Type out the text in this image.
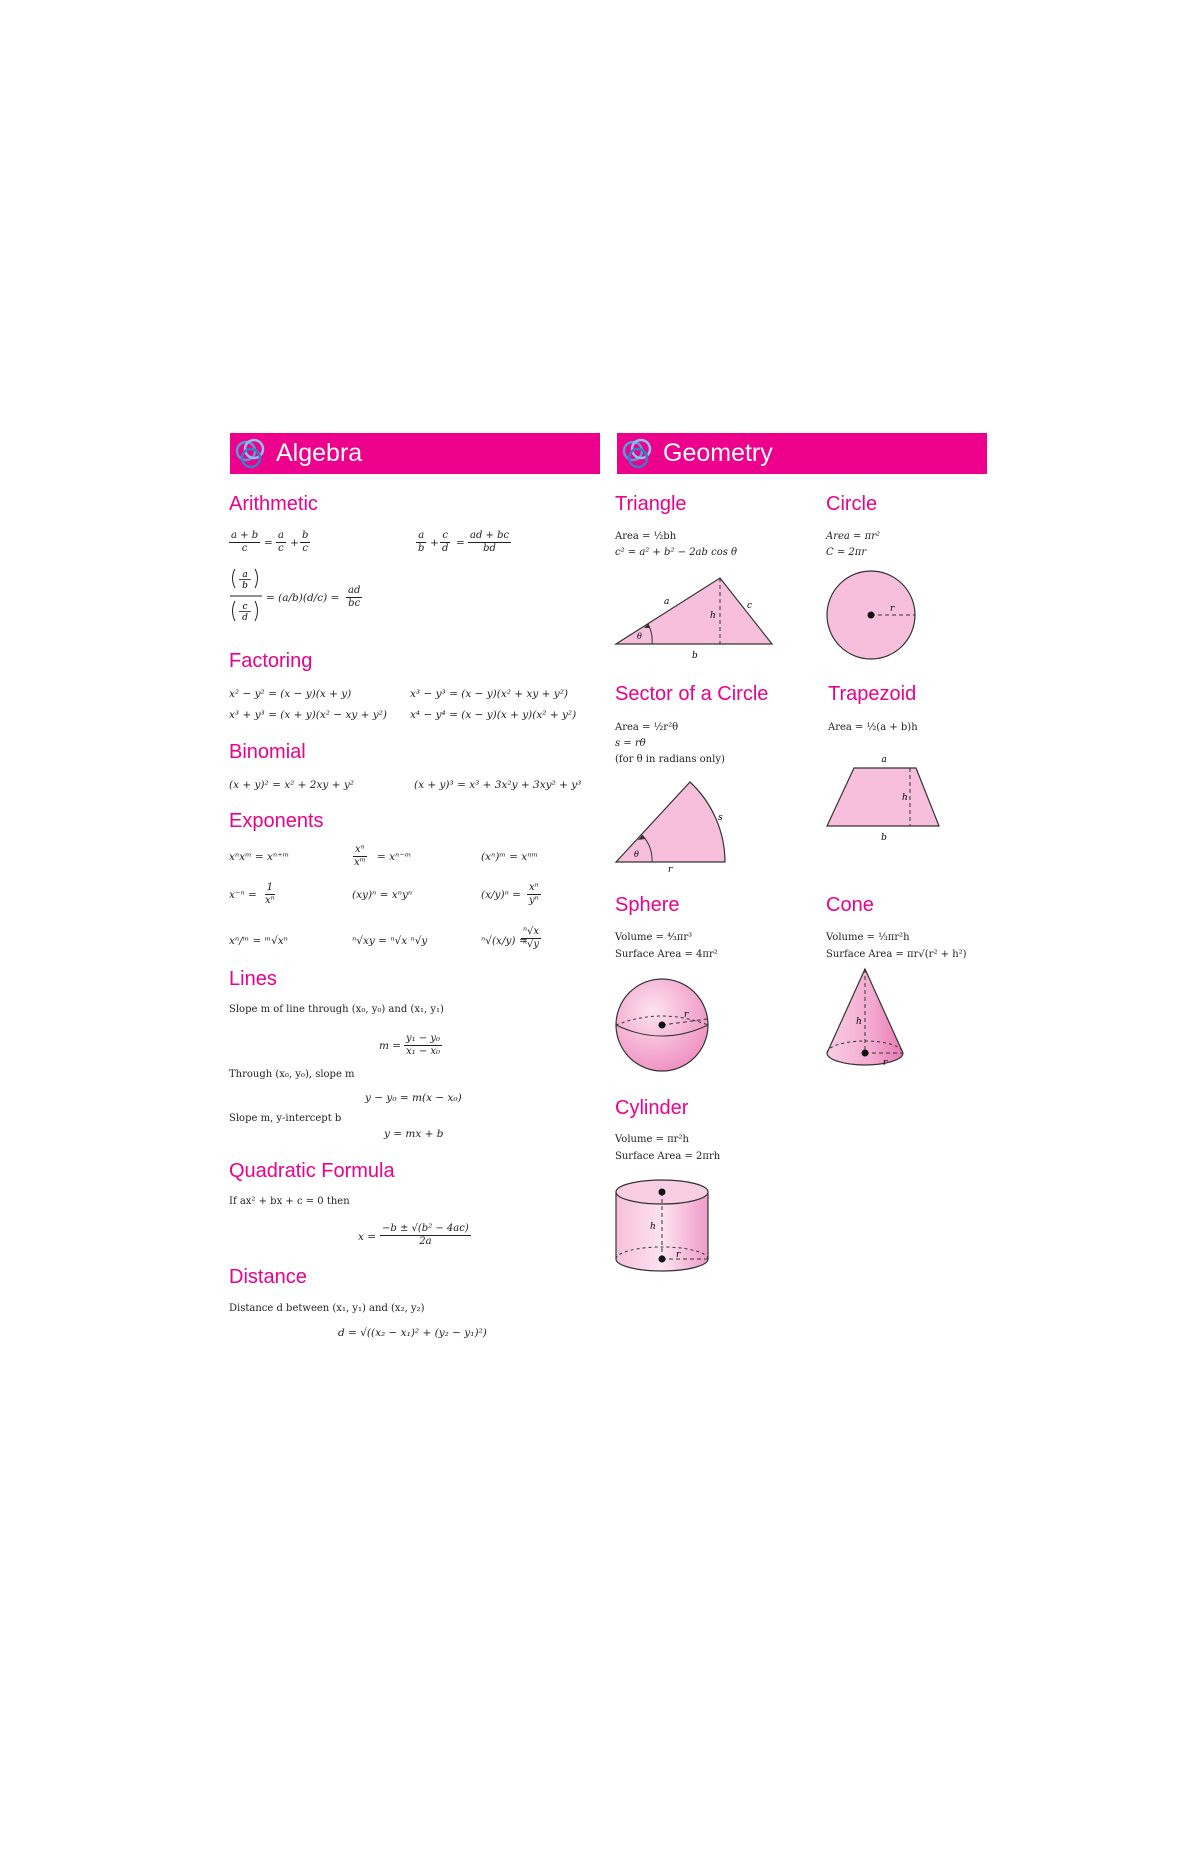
Algebra	Geometry
Arithmetic
$\frac{a + b}{c} = \frac{a}{c} + \frac{b}{c}$	$\frac{a}{b} + \frac{c}{d} = \frac{ad + bc}{bd}$
a
b
c
d
= $(a/b)(d/c) = \frac{ad}{bc}$
Factoring
x² − y² = (x − y)(x + y)	x³ − y³ = (x − y)(x² + xy + y²)
x³ + y³ = (x + y)(x² − xy + y²) x⁴ − y⁴ = (x − y)(x + y)(x² + y²)
Binomial
(x + y)² = x² + 2xy + y²	(x + y)³ = x³ + 3x²y + 3xy² + y³
Exponents
xⁿxᵐ = xⁿ⁺ᵐ	$\frac{\text{xⁿ}}{\text{xᵐ}}$ = xⁿ⁻ᵐ	(xⁿ)ᵐ = xⁿᵐ
$x^{-n} = \frac{1}{\text{xⁿ}}$	(xy)ⁿ = xⁿyⁿ	$(x/y)^n = \frac{\text{xⁿ}}{\text{yⁿ}}$
xⁿ/ᵐ = ᵐ√xⁿ	ⁿ√xy = ⁿ√x ⁿ√y	ⁿ√(x/y) =
$\frac{\text{ⁿ√x}}{\text{ⁿ√y}}$
Lines
Slope m of line through (x₀, y₀) and (x₁, y₁)
$m = \frac{\text{y₁ − y₀}}{\text{x₁ − x₀}}$
Through (x₀, y₀), slope m
y − y₀ = m(x − x₀)
Slope m, y-intercept b
y = mx + b
Quadratic Formula
If ax² + bx + c = 0 then
$x = \frac{\text{−b ± √(b² − 4ac)}}{2a}$
Distance
Distance d between (x₁, y₁) and (x₂, y₂)
d = √((x₂ − x₁)² + (y₂ − y₁)²)
Triangle
Area = ½bh
c² = a² + b² − 2ab cos θ
a	c
h
b
θ
Circle
Area = πr²
C = 2πr
r
Sector of a Circle
Area = ½r²θ
s = rθ
(for θ in radians only)
θ
s
r
Trapezoid
Area = ½(a + b)h
a
h
b
Sphere
Volume = ⁴⁄₃πr³
Surface Area = 4πr²
r
Cone
Volume = ⅓πr²h
Surface Area = πr√(r² + h²)
h
r
Cylinder
Volume = πr²h
Surface Area = 2πrh
h
r
